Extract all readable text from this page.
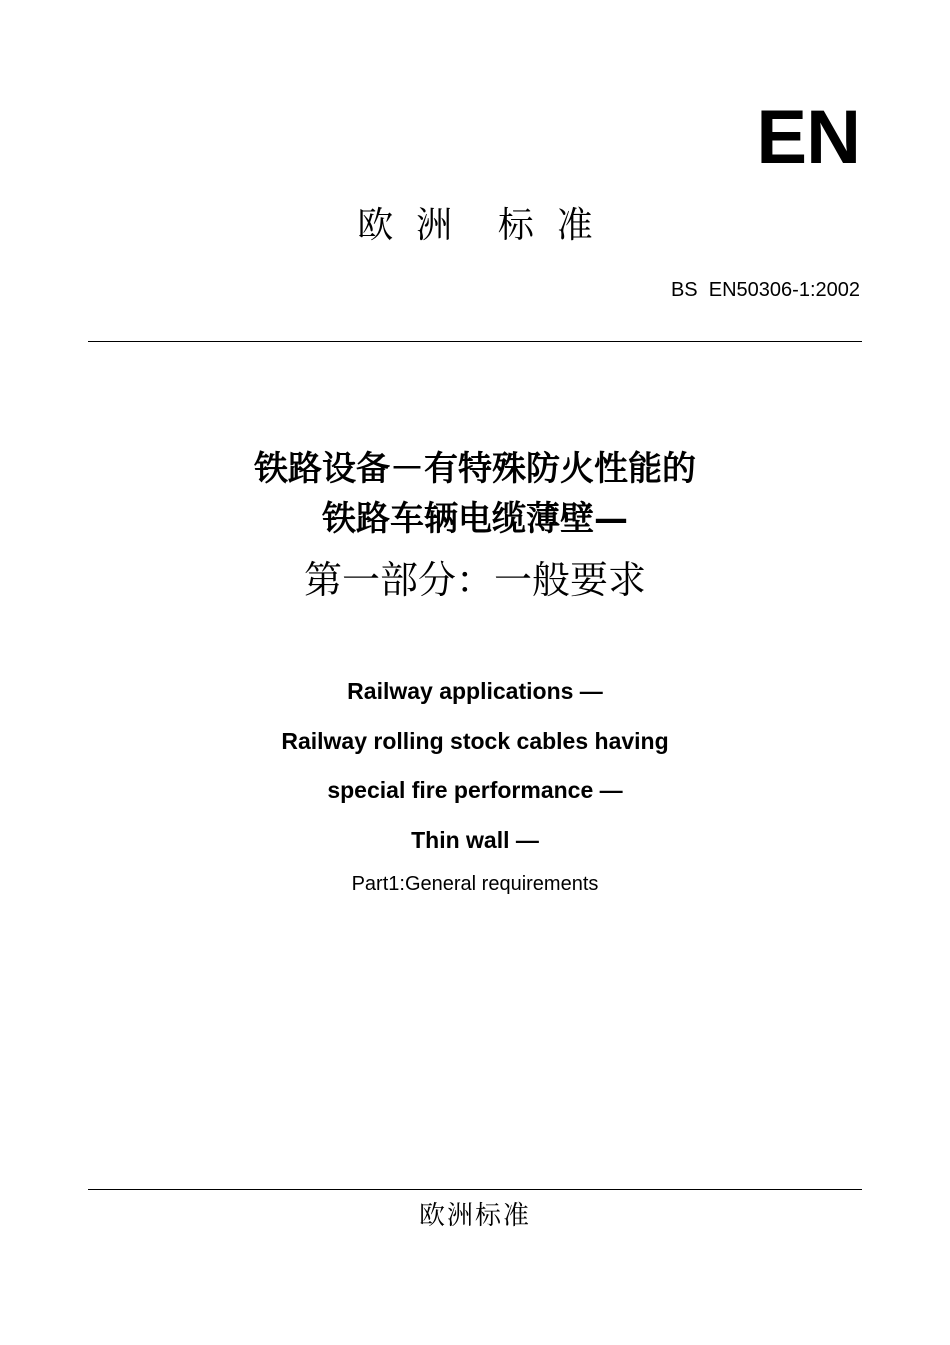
EN
欧  洲    标  准
BS  EN50306-1:2002
铁路设备－有特殊防火性能的
铁路车辆电缆薄壁—
第一部分：一般要求
Railway applications —
Railway rolling stock cables having
special fire performance —
Thin wall —
Part1:General requirements
欧洲标准
